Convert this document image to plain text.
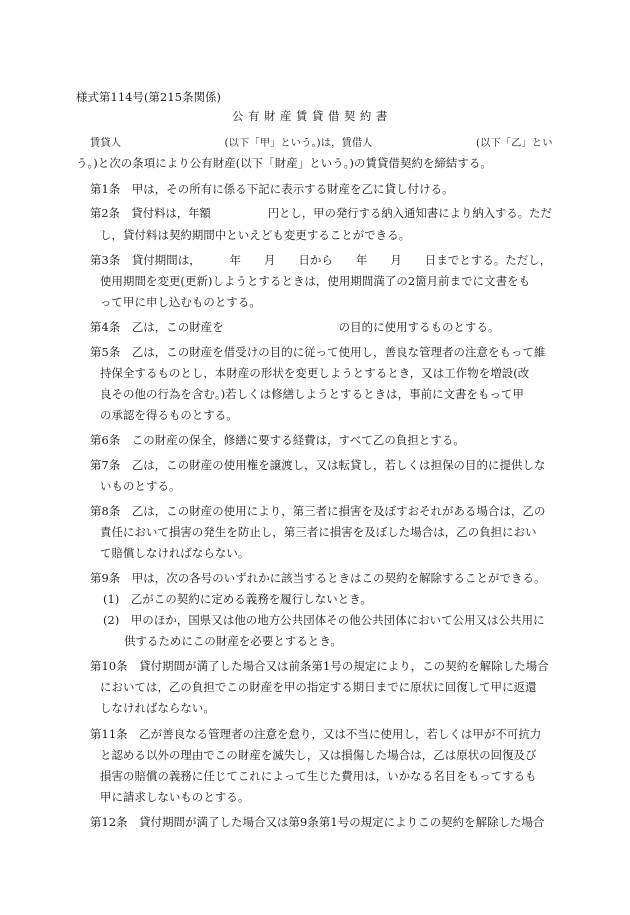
様式第114号(第215条関係)
公有財産賃貸借契約書
賃貸人　　　　　　　　　　(以下「甲」という。)は，賃借人　　　　　　　　　　(以下「乙」とい
う。)と次の条項により公有財産(以下「財産」という。)の賃貸借契約を締結する。
第1条　甲は，その所有に係る下記に表示する財産を乙に貸し付ける。
第2条　貸付料は，年額　　　　　円とし，甲の発行する納入通知書により納入する。ただ
し，貸付料は契約期間中といえども変更することができる。
第3条　貸付期間は，　　　年　　月　　日から　　年　　月　　日までとする。ただし，
使用期間を変更(更新)しようとするときは，使用期間満了の2箇月前までに文書をも
って甲に申し込むものとする。
第4条　乙は，この財産を　　　　　　　　　　の目的に使用するものとする。
第5条　乙は，この財産を借受けの目的に従って使用し，善良な管理者の注意をもって維
持保全するものとし，本財産の形状を変更しようとするとき，又は工作物を増設(改
良その他の行為を含む。)若しくは修繕しようとするときは，事前に文書をもって甲
の承認を得るものとする。
第6条　この財産の保全，修繕に要する経費は，すべて乙の負担とする。
第7条　乙は，この財産の使用権を譲渡し，又は転貸し，若しくは担保の目的に提供しな
いものとする。
第8条　乙は，この財産の使用により，第三者に損害を及ぼすおそれがある場合は，乙の
責任において損害の発生を防止し，第三者に損害を及ぼした場合は，乙の負担におい
て賠償しなければならない。
第9条　甲は，次の各号のいずれかに該当するときはこの契約を解除することができる。
(1)　乙がこの契約に定める義務を履行しないとき。
(2)　甲のほか，国県又は他の地方公共団体その他公共団体において公用又は公共用に
供するためにこの財産を必要とするとき。
第10条　貸付期間が満了した場合又は前条第1号の規定により，この契約を解除した場合
においては，乙の負担でこの財産を甲の指定する期日までに原状に回復して甲に返還
しなければならない。
第11条　乙が善良なる管理者の注意を怠り，又は不当に使用し，若しくは甲が不可抗力
と認める以外の理由でこの財産を滅失し，又は損傷した場合は，乙は原状の回復及び
損害の賠償の義務に任じてこれによって生じた費用は，いかなる名目をもってするも
甲に請求しないものとする。
第12条　貸付期間が満了した場合又は第9条第1号の規定によりこの契約を解除した場合
